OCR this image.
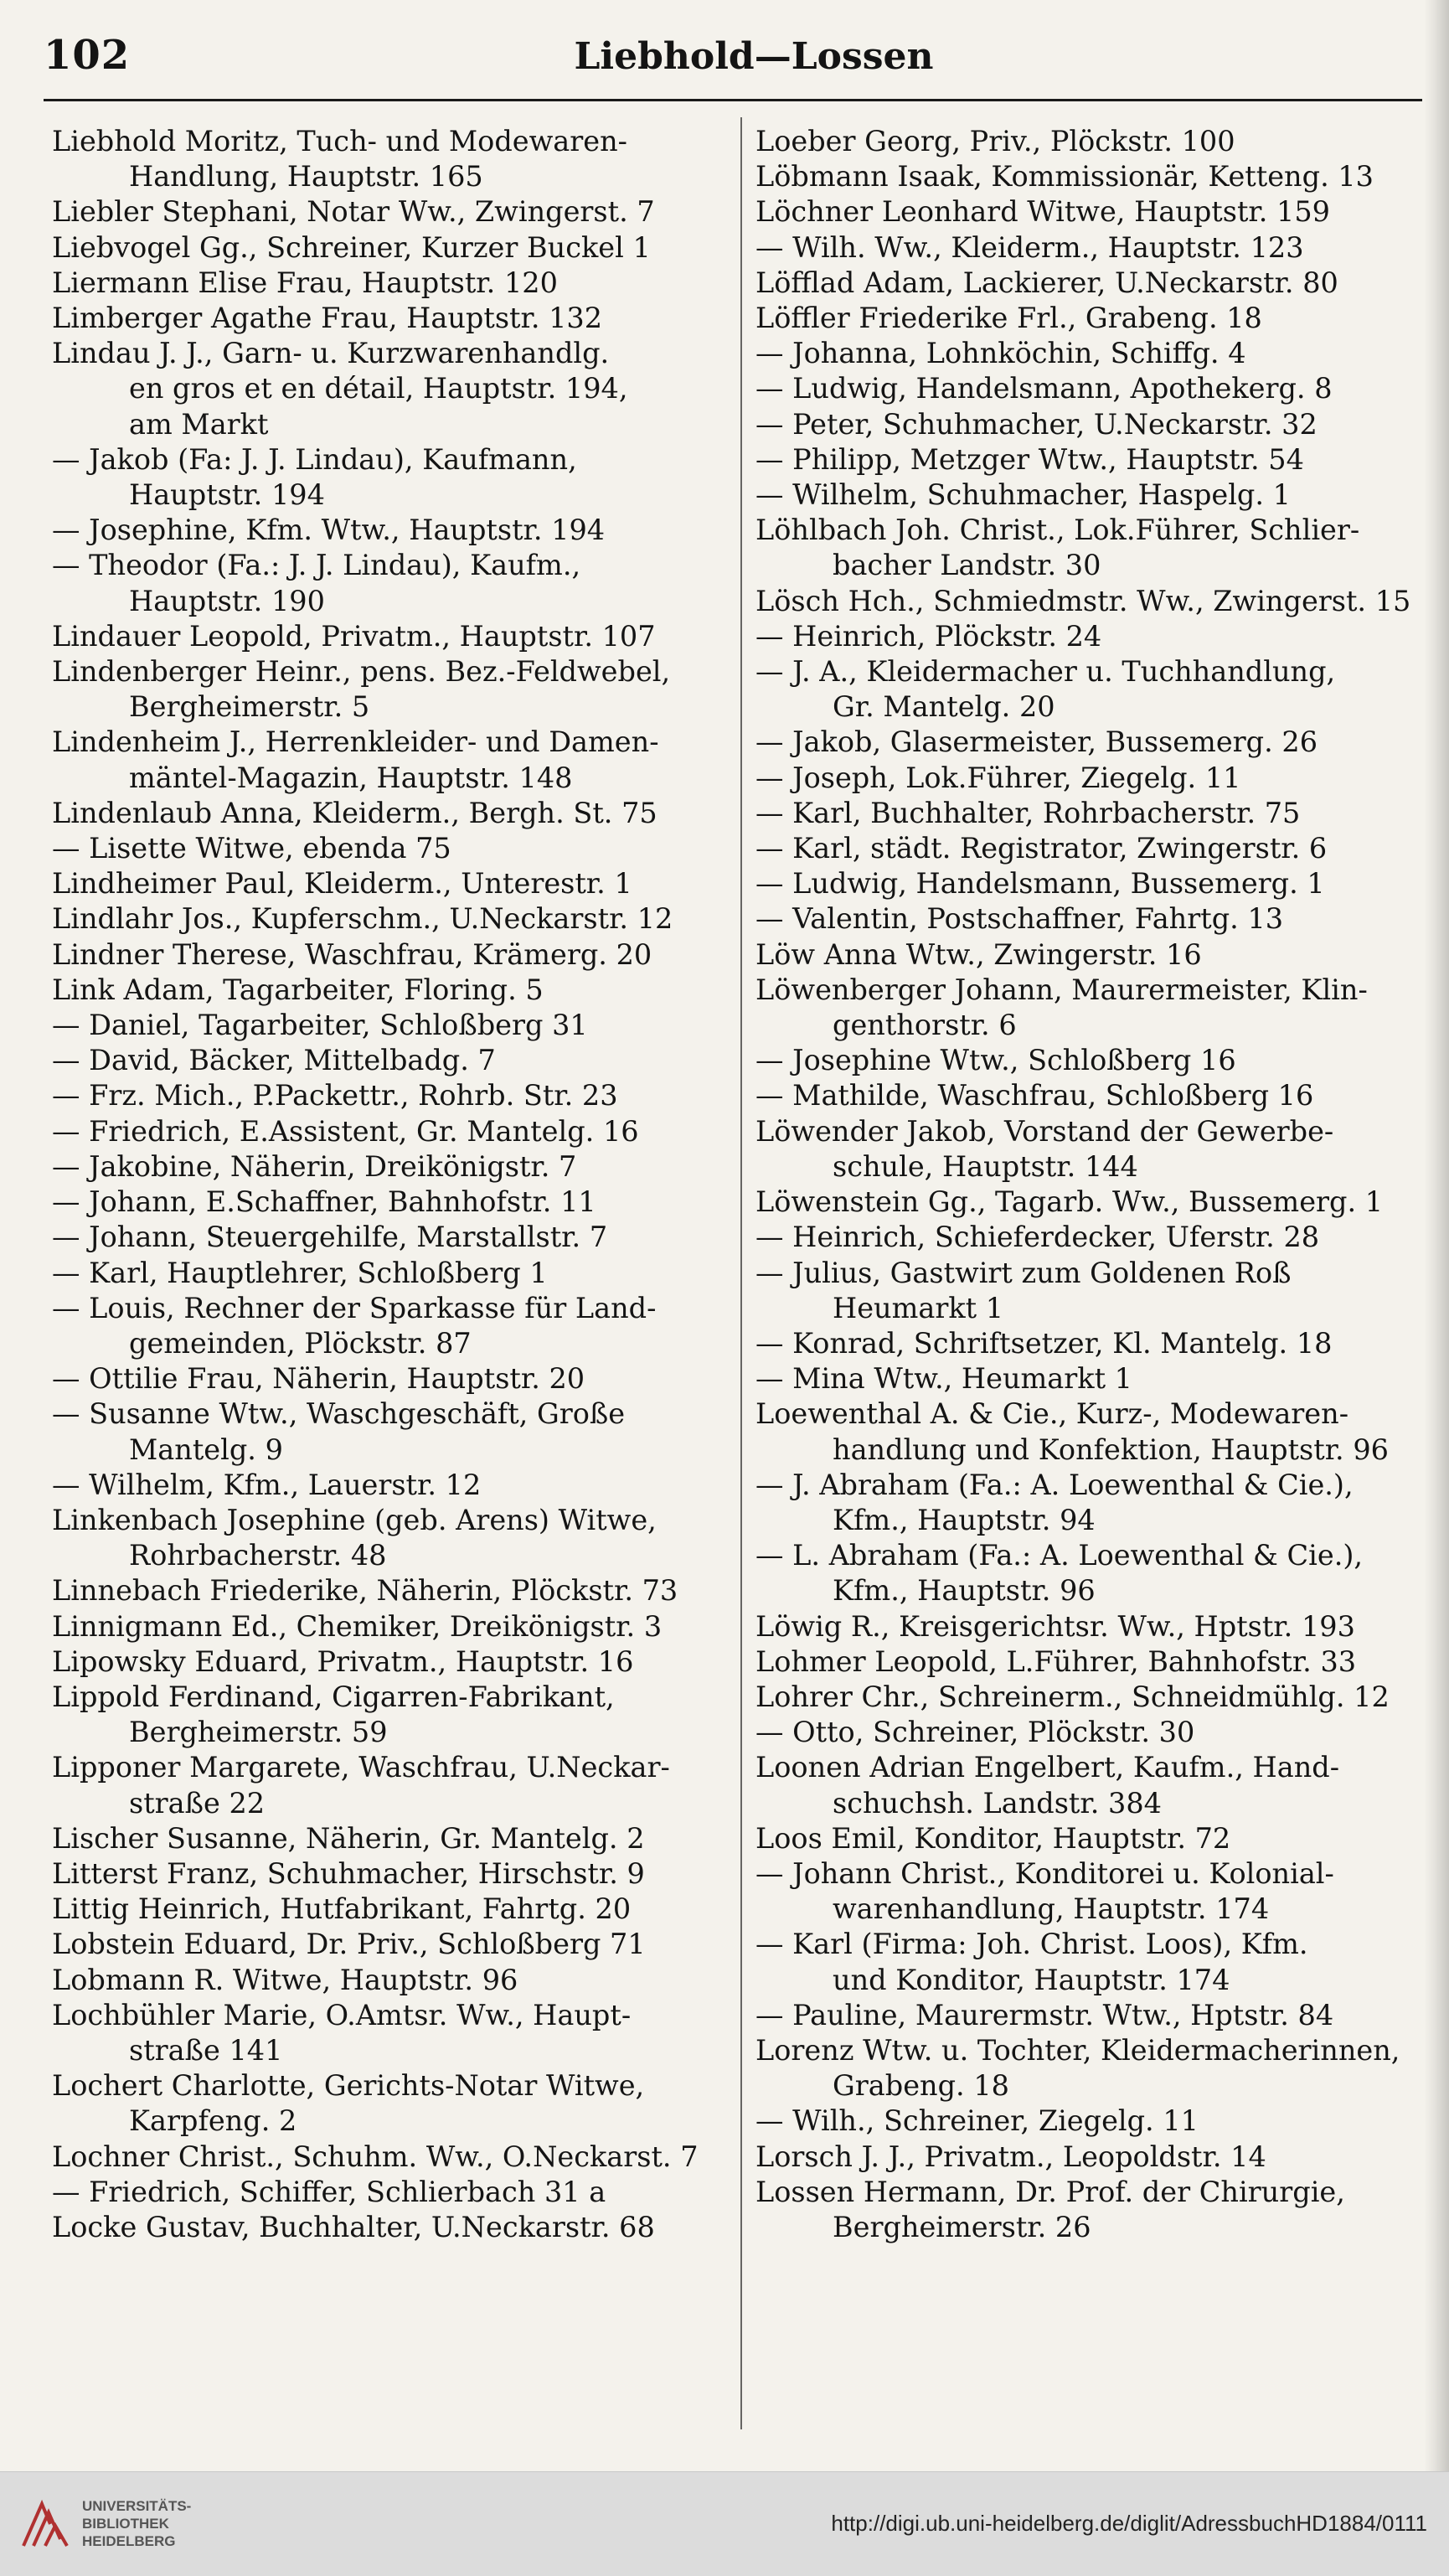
102	Liebhold—Lossen
Liebhold Moritz, Tuch- und Modewaren-
Handlung, Hauptstr. 165
Liebler Stephani, Notar Ww., Zwingerst. 7
Liebvogel Gg., Schreiner, Kurzer Buckel 1
Liermann Elise Frau, Hauptstr. 120
Limberger Agathe Frau, Hauptstr. 132
Lindau J. J., Garn- u. Kurzwarenhandlg.
en gros et en détail, Hauptstr. 194,
am Markt
— Jakob (Fa: J. J. Lindau), Kaufmann,
Hauptstr. 194
— Josephine, Kfm. Wtw., Hauptstr. 194
— Theodor (Fa.: J. J. Lindau), Kaufm.,
Hauptstr. 190
Lindauer Leopold, Privatm., Hauptstr. 107
Lindenberger Heinr., pens. Bez.-Feldwebel,
Bergheimerstr. 5
Lindenheim J., Herrenkleider- und Damen-
mäntel-Magazin, Hauptstr. 148
Lindenlaub Anna, Kleiderm., Bergh. St. 75
— Lisette Witwe, ebenda 75
Lindheimer Paul, Kleiderm., Unterestr. 1
Lindlahr Jos., Kupferschm., U.Neckarstr. 12
Lindner Therese, Waschfrau, Krämerg. 20
Link Adam, Tagarbeiter, Floring. 5
— Daniel, Tagarbeiter, Schloßberg 31
— David, Bäcker, Mittelbadg. 7
— Frz. Mich., P.Packettr., Rohrb. Str. 23
— Friedrich, E.Assistent, Gr. Mantelg. 16
— Jakobine, Näherin, Dreikönigstr. 7
— Johann, E.Schaffner, Bahnhofstr. 11
— Johann, Steuergehilfe, Marstallstr. 7
— Karl, Hauptlehrer, Schloßberg 1
— Louis, Rechner der Sparkasse für Land-
gemeinden, Plöckstr. 87
— Ottilie Frau, Näherin, Hauptstr. 20
— Susanne Wtw., Waschgeschäft, Große
Mantelg. 9
— Wilhelm, Kfm., Lauerstr. 12
Linkenbach Josephine (geb. Arens) Witwe,
Rohrbacherstr. 48
Linnebach Friederike, Näherin, Plöckstr. 73
Linnigmann Ed., Chemiker, Dreikönigstr. 3
Lipowsky Eduard, Privatm., Hauptstr. 16
Lippold Ferdinand, Cigarren-Fabrikant,
Bergheimerstr. 59
Lipponer Margarete, Waschfrau, U.Neckar-
straße 22
Lischer Susanne, Näherin, Gr. Mantelg. 2
Litterst Franz, Schuhmacher, Hirschstr. 9
Littig Heinrich, Hutfabrikant, Fahrtg. 20
Lobstein Eduard, Dr. Priv., Schloßberg 71
Lobmann R. Witwe, Hauptstr. 96
Lochbühler Marie, O.Amtsr. Ww., Haupt-
straße 141
Lochert Charlotte, Gerichts-Notar Witwe,
Karpfeng. 2
Lochner Christ., Schuhm. Ww., O.Neckarst. 7
— Friedrich, Schiffer, Schlierbach 31 a
Locke Gustav, Buchhalter, U.Neckarstr. 68
Loeber Georg, Priv., Plöckstr. 100
Löbmann Isaak, Kommissionär, Ketteng. 13
Löchner Leonhard Witwe, Hauptstr. 159
— Wilh. Ww., Kleiderm., Hauptstr. 123
Löfflad Adam, Lackierer, U.Neckarstr. 80
Löffler Friederike Frl., Grabeng. 18
— Johanna, Lohnköchin, Schiffg. 4
— Ludwig, Handelsmann, Apothekerg. 8
— Peter, Schuhmacher, U.Neckarstr. 32
— Philipp, Metzger Wtw., Hauptstr. 54
— Wilhelm, Schuhmacher, Haspelg. 1
Löhlbach Joh. Christ., Lok.Führer, Schlier-
bacher Landstr. 30
Lösch Hch., Schmiedmstr. Ww., Zwingerst. 15
— Heinrich, Plöckstr. 24
— J. A., Kleidermacher u. Tuchhandlung,
Gr. Mantelg. 20
— Jakob, Glasermeister, Bussemerg. 26
— Joseph, Lok.Führer, Ziegelg. 11
— Karl, Buchhalter, Rohrbacherstr. 75
— Karl, städt. Registrator, Zwingerstr. 6
— Ludwig, Handelsmann, Bussemerg. 1
— Valentin, Postschaffner, Fahrtg. 13
Löw Anna Wtw., Zwingerstr. 16
Löwenberger Johann, Maurermeister, Klin-
genthorstr. 6
— Josephine Wtw., Schloßberg 16
— Mathilde, Waschfrau, Schloßberg 16
Löwender Jakob, Vorstand der Gewerbe-
schule, Hauptstr. 144
Löwenstein Gg., Tagarb. Ww., Bussemerg. 1
— Heinrich, Schieferdecker, Uferstr. 28
— Julius, Gastwirt zum Goldenen Roß
Heumarkt 1
— Konrad, Schriftsetzer, Kl. Mantelg. 18
— Mina Wtw., Heumarkt 1
Loewenthal A. & Cie., Kurz-, Modewaren-
handlung und Konfektion, Hauptstr. 96
— J. Abraham (Fa.: A. Loewenthal & Cie.),
Kfm., Hauptstr. 94
— L. Abraham (Fa.: A. Loewenthal & Cie.),
Kfm., Hauptstr. 96
Löwig R., Kreisgerichtsr. Ww., Hptstr. 193
Lohmer Leopold, L.Führer, Bahnhofstr. 33
Lohrer Chr., Schreinerm., Schneidmühlg. 12
— Otto, Schreiner, Plöckstr. 30
Loonen Adrian Engelbert, Kaufm., Hand-
schuchsh. Landstr. 384
Loos Emil, Konditor, Hauptstr. 72
— Johann Christ., Konditorei u. Kolonial-
warenhandlung, Hauptstr. 174
— Karl (Firma: Joh. Christ. Loos), Kfm.
und Konditor, Hauptstr. 174
— Pauline, Maurermstr. Wtw., Hptstr. 84
Lorenz Wtw. u. Tochter, Kleidermacherinnen,
Grabeng. 18
— Wilh., Schreiner, Ziegelg. 11
Lorsch J. J., Privatm., Leopoldstr. 14
Lossen Hermann, Dr. Prof. der Chirurgie,
Bergheimerstr. 26
UNIVERSITÄTS-
BIBLIOTHEK
HEIDELBERG
http://digi.ub.uni-heidelberg.de/diglit/AdressbuchHD1884/0111
